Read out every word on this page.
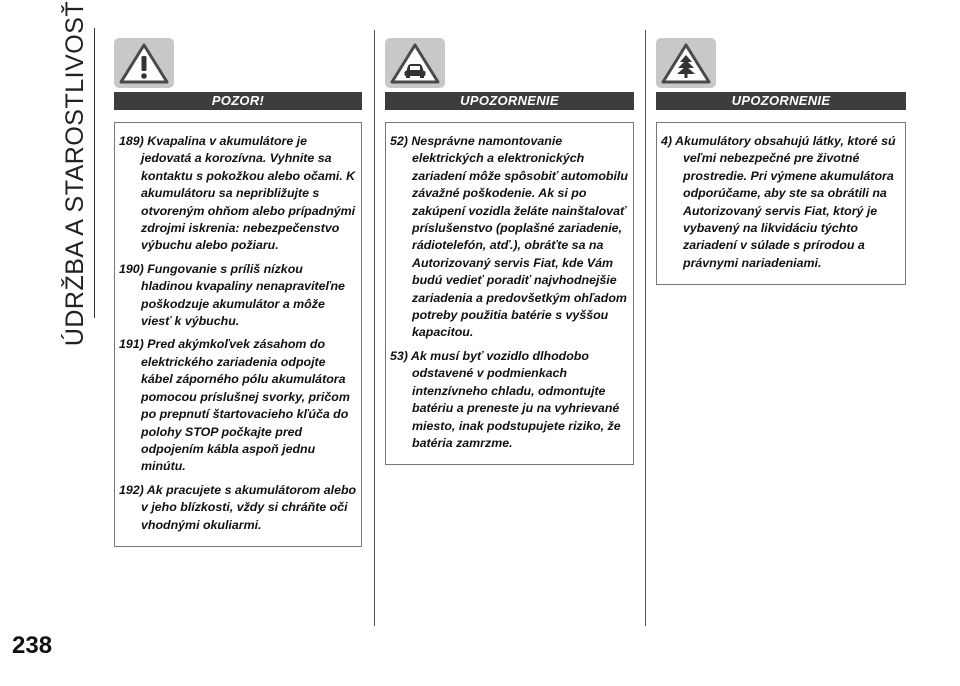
ÚDRŽBA A STAROSTLIVOSŤ	POZOR!

189) Kvapalina v akumulátore je jedovatá a korozívna. Vyhnite sa kontaktu s pokožkou alebo očami. K akumulátoru sa nepribližujte s otvoreným ohňom alebo prípadnými zdrojmi iskrenia: nebezpečenstvo výbuchu alebo požiaru.

190) Fungovanie s príliš nízkou hladinou kvapaliny nenapraviteľne poškodzuje akumulátor a môže viesť k výbuchu.

191) Pred akýmkoľvek zásahom do elektrického zariadenia odpojte kábel záporného pólu akumulátora pomocou príslušnej svorky, pričom po prepnutí štartovacieho kľúča do polohy STOP počkajte pred odpojením kábla aspoň jednu minútu.

192) Ak pracujete s akumulátorom alebo v jeho blízkosti, vždy si chráňte oči vhodnými okuliarmi.

UPOZORNENIE

52) Nesprávne namontovanie elektrických a elektronických zariadení môže spôsobiť automobilu závažné poškodenie. Ak si po zakúpení vozidla želáte nainštalovať príslušenstvo (poplašné zariadenie, rádiotelefón, atď.), obráťte sa na Autorizovaný servis Fiat, kde Vám budú vedieť poradiť najvhodnejšie zariadenia a predovšetkým ohľadom potreby použitia batérie s vyššou kapacitou.

53) Ak musí byť vozidlo dlhodobo odstavené v podmienkach intenzívneho chladu, odmontujte batériu a preneste ju na vyhrievané miesto, inak podstupujete riziko, že batéria zamrzme.

UPOZORNENIE

4) Akumulátory obsahujú látky, ktoré sú veľmi nebezpečné pre životné prostredie. Pri výmene akumulátora odporúčame, aby ste sa obrátili na Autorizovaný servis Fiat, ktorý je vybavený na likvidáciu týchto zariadení v súlade s prírodou a právnymi nariadeniami.

238
